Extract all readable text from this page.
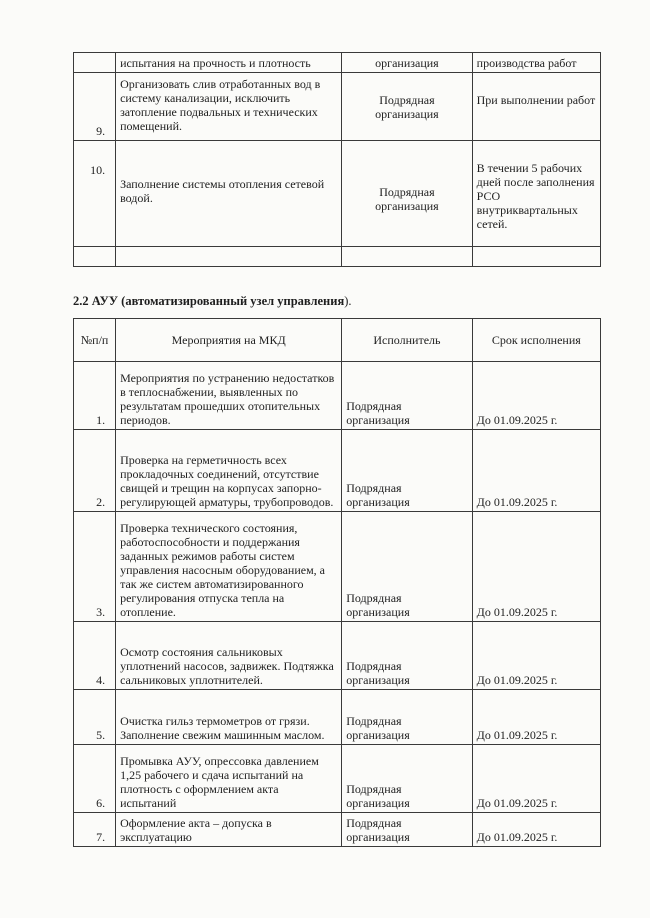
	испытания на прочность и плотность	организация	производства работ
9.	Организовать слив отработанных вод в систему канализации, исключить затопление подвальных и технических помещений.	Подрядная организация	При выполнении работ
10.	Заполнение системы отопления сетевой водой.	Подрядная организация	В течении 5 рабочих дней после заполнения РСО внутриквартальных сетей.

2.2 АУУ (автоматизированный узел управления).

№п/п	Мероприятия на МКД	Исполнитель	Срок исполнения
1.	Мероприятия по устранению недостатков в теплоснабжении, выявленных по результатам прошедших отопительных периодов.	Подрядная организация	До 01.09.2025 г.
2.	Проверка на герметичность всех прокладочных соединений, отсутствие свищей и трещин на корпусах запорно-регулирующей арматуры, трубопроводов.	Подрядная организация	До 01.09.2025 г.
3.	Проверка технического состояния, работоспособности и поддержания заданных режимов работы систем управления насосным оборудованием, а так же систем автоматизированного регулирования отпуска тепла на отопление.	Подрядная организация	До 01.09.2025 г.
4.	Осмотр состояния сальниковых уплотнений насосов, задвижек. Подтяжка сальниковых уплотнителей.	Подрядная организация	До 01.09.2025 г.
5.	Очистка гильз термометров от грязи. Заполнение свежим машинным маслом.	Подрядная организация	До 01.09.2025 г.
6.	Промывка АУУ, опрессовка давлением 1,25 рабочего и сдача испытаний на плотность с оформлением акта испытаний	Подрядная организация	До 01.09.2025 г.
7.	Оформление акта – допуска в эксплуатацию	Подрядная организация	До 01.09.2025 г.
